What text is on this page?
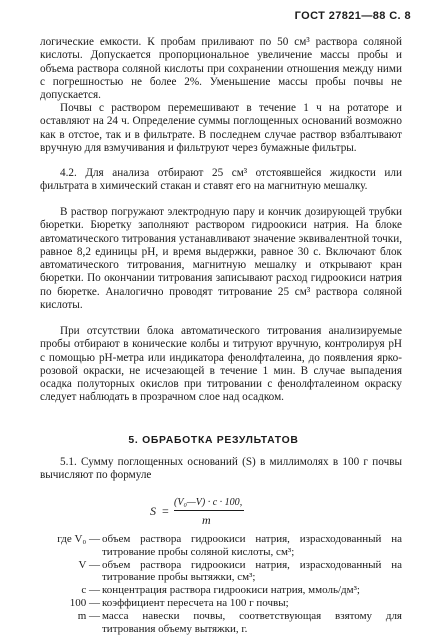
ГОСТ 27821—88 С. 8
логические емкости. К пробам приливают по 50 см³ раствора соляной кислоты. Допускается пропорциональное увеличение массы пробы и объема раствора соляной кислоты при сохранении отношения между ними с погрешностью не более 2%. Уменьшение массы пробы почвы не допускается.
Почвы с раствором перемешивают в течение 1 ч на ротаторе и оставляют на 24 ч. Определение суммы поглощенных оснований возможно как в отстое, так и в фильтрате. В последнем случае раствор взбалтывают вручную для взмучивания и фильтруют через бумажные фильтры.
4.2. Для анализа отбирают 25 см³ отстоявшейся жидкости или фильтрата в химический стакан и ставят его на магнитную мешалку.
В раствор погружают электродную пару и кончик дозирующей трубки бюретки. Бюретку заполняют раствором гидроокиси натрия. На блоке автоматического титрования устанавливают значение эквивалентной точки, равное 8,2 единицы pH, и время выдержки, равное 30 с. Включают блок автоматического титрования, магнитную мешалку и открывают кран бюретки. По окончании титрования записывают расход гидроокиси натрия по бюретке. Аналогично проводят титрование 25 см³ раствора соляной кислоты.
При отсутствии блока автоматического титрования анализируемые пробы отбирают в конические колбы и титруют вручную, контролируя pH с помощью pH-метра или индикатора фенолфталеина, до появления ярко-розовой окраски, не исчезающей в течение 1 мин. В случае выпадения осадка полуторных окислов при титровании с фенолфталеином окраску следует наблюдать в прозрачном слое над осадком.
5. ОБРАБОТКА РЕЗУЛЬТАТОВ
5.1. Сумму поглощенных оснований (S) в миллимолях в 100 г почвы вычисляют по формуле
S =
(V₀—V) · c · 100,
m
где V₀ — объем раствора гидроокиси натрия, израсходованный на титрование пробы соляной кислоты, см³;
V — объем раствора гидроокиси натрия, израсходованный на титрование пробы вытяжки, см³;
c — концентрация раствора гидроокиси натрия, ммоль/дм³;
100 — коэффициент пересчета на 100 г почвы;
m — масса навески почвы, соответствующая взятому для титрования объему вытяжки, г.
